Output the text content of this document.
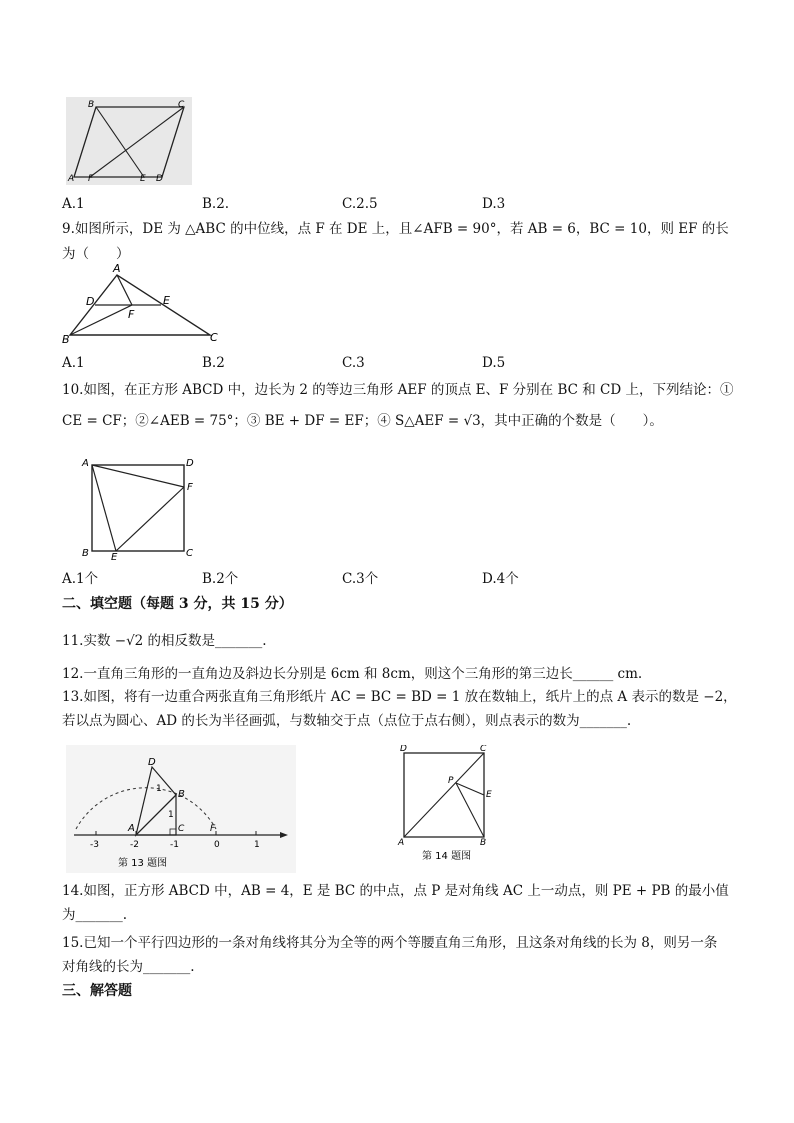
B	C
A F	E D
A.1	B.2.	C.2.5	D.3
9.如图所示，DE 为 △ABC 的中位线，点 F 在 DE 上，且∠AFB = 90°，若 AB = 6，BC = 10，则 EF 的长
为（　　）
A
D	E
F
B	C
A.1	B.2	C.3	D.5
10.如图，在正方形 ABCD 中，边长为 2 的等边三角形 AEF 的顶点 E、F 分别在 BC 和 CD 上，下列结论：①
CE = CF；②∠AEB = 75°；③ BE + DF = EF；④ S△AEF = √3，其中正确的个数是（　　）。
A	D
F
B E	C
A.1个	B.2个	C.3个	D.4个
二、填空题（每题 3 分，共 15 分）
11.实数 −√2 的相反数是_______.
12.一直角三角形的一直角边及斜边长分别是 6cm 和 8cm，则这个三角形的第三边长______ cm.
13.如图，将有一边重合两张直角三角形纸片 AC = BC = BD = 1 放在数轴上，纸片上的点 A 表示的数是 −2，
若以点为圆心、AD 的长为半径画弧，与数轴交于点（点位于点右侧），则点表示的数为_______.
D
B
1
1
A	C	F
-3	-2	-1	0	1
第 13 题图
D	C
P
E
A	B
第 14 题图
14.如图，正方形 ABCD 中，AB = 4，E 是 BC 的中点，点 P 是对角线 AC 上一动点，则 PE + PB 的最小值
为_______.
15.已知一个平行四边形的一条对角线将其分为全等的两个等腰直角三角形，且这条对角线的长为 8，则另一条
对角线的长为_______.
三、解答题
